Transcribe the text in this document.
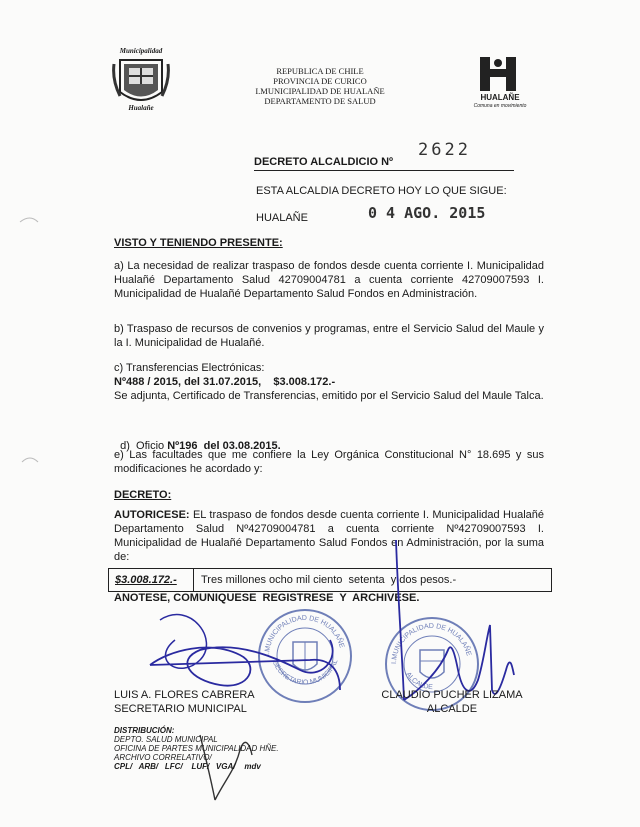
Municipalidad
Hualañe
REPUBLICA DE CHILE
PROVINCIA DE CURICO
I.MUNICIPALIDAD DE HUALAÑE
DEPARTAMENTO DE SALUD	HUALAÑE
Comuna en movimiento
DECRETO ALCALDICIO Nº
2622
ESTA ALCALDIA DECRETO HOY LO QUE SIGUE:
HUALAÑE	0 4 AGO. 2015
VISTO Y TENIENDO PRESENTE:
a) La necesidad de realizar traspaso de fondos desde cuenta corriente I. Municipalidad Hualañé Departamento Salud 42709004781 a cuenta corriente 42709007593 I. Municipalidad de Hualañé Departamento Salud Fondos en Administración.
b) Traspaso de recursos de convenios y programas, entre el Servicio Salud del Maule y la I. Municipalidad de Hualañé.
c) Transferencias Electrónicas:
Nº488 / 2015, del 31.07.2015,    $3.008.172.-
Se adjunta, Certificado de Transferencias, emitido por el Servicio Salud del Maule Talca.

d)  Oficio Nº196  del 03.08.2015.

e) Las facultades que me confiere la Ley Orgánica Constitucional N° 18.695 y sus modificaciones he acordado y:
DECRETO:
AUTORICESE: EL traspaso de fondos desde cuenta corriente I. Municipalidad Hualañé Departamento Salud Nº42709004781 a cuenta corriente Nº42709007593 I. Municipalidad de Hualañé Departamento Salud Fondos en Administración, por la suma de:
$3.008.172.- Tres millones ocho mil ciento  setenta  y dos pesos.-
ANOTESE, COMUNIQUESE  REGISTRESE  Y  ARCHIVESE.
I.MUNICIPALIDAD DE HUALAÑE
SECRETARIO MUNICIPAL	I.MUNICIPALIDAD DE HUALAÑE
ALCALDE
LUIS A. FLORES CABRERA
SECRETARIO MUNICIPAL
CLAUDIO PUCHER LIZAMA
ALCALDE
DISTRIBUCIÓN:
DEPTO. SALUD MUNICIPAL
OFICINA DE PARTES MUNICIPALIDAD HÑE.
ARCHIVO CORRELATIVO/
CPL/   ARB/   LFC/    LUF/   VGA/    mdv
